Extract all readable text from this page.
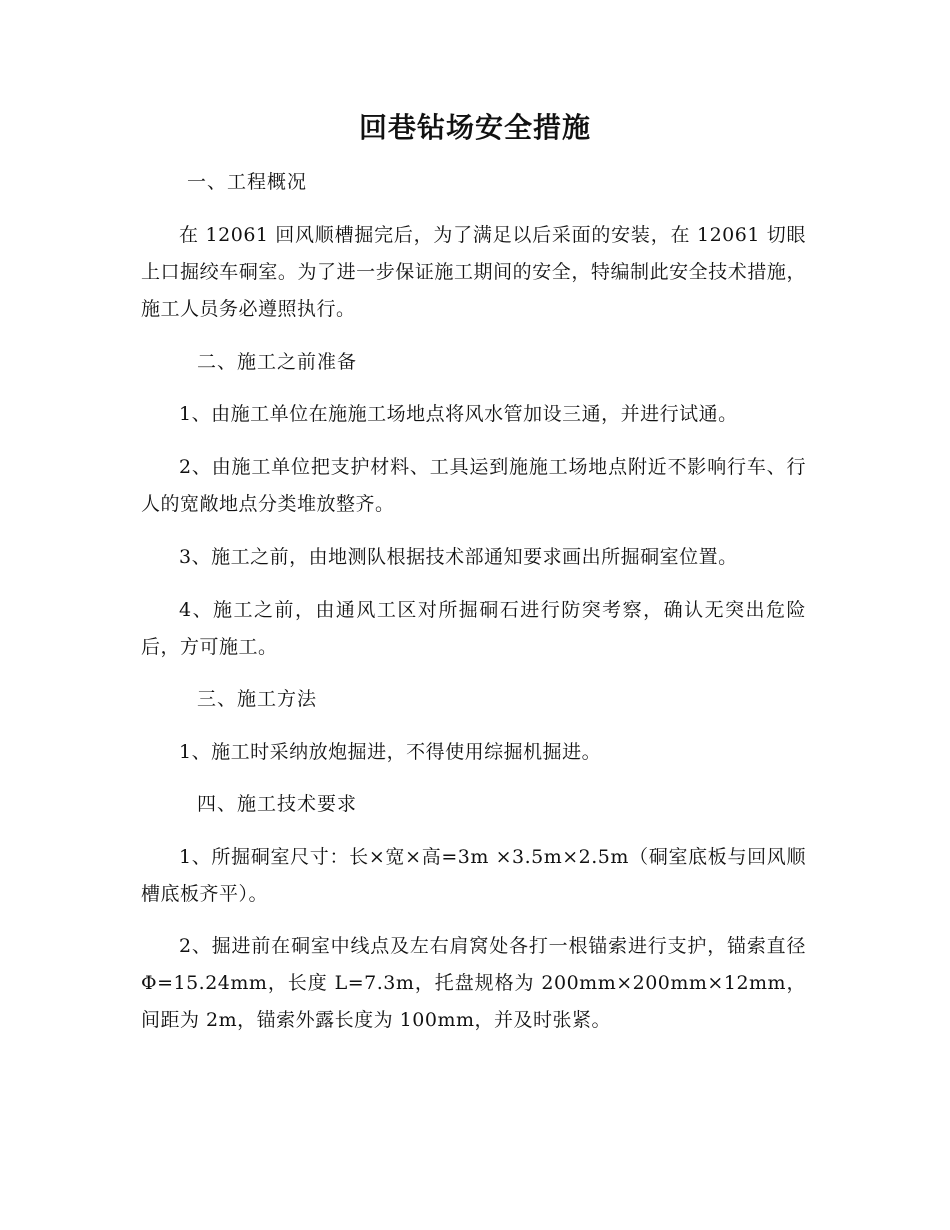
回巷钻场安全措施

一、工程概况

在 12061 回风顺槽掘完后，为了满足以后采面的安装，在 12061 切眼上口掘绞车硐室。为了进一步保证施工期间的安全，特编制此安全技术措施，施工人员务必遵照执行。

二、施工之前准备

1、由施工单位在施施工场地点将风水管加设三通，并进行试通。

2、由施工单位把支护材料、工具运到施施工场地点附近不影响行车、行人的宽敞地点分类堆放整齐。

3、施工之前，由地测队根据技术部通知要求画出所掘硐室位置。

4、施工之前，由通风工区对所掘硐石进行防突考察，确认无突出危险后，方可施工。

三、施工方法

1、施工时采纳放炮掘进，不得使用综掘机掘进。

四、施工技术要求

1、所掘硐室尺寸：长×宽×高=3m ×3.5m×2.5m（硐室底板与回风顺槽底板齐平）。

2、掘进前在硐室中线点及左右肩窝处各打一根锚索进行支护，锚索直径 Φ=15.24mm，长度 L=7.3m，托盘规格为 200mm×200mm×12mm，间距为 2m，锚索外露长度为 100mm，并及时张紧。
